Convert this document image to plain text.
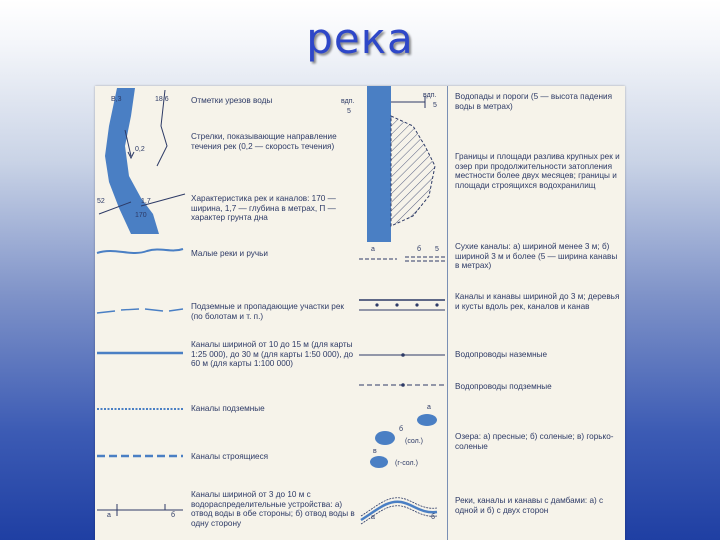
река
В,3	18,6
0,2
52	1,7
170
Отметки урезов воды
Стрелки, показывающие направление течения рек (0,2 — скорость течения)
Характеристика рек и каналов: 170 — ширина, 1,7 — глубина в метрах, П — характер грунта дна
Малые реки и ручьи
Подземные и пропадающие участки рек (по болотам и т. п.)
Каналы шириной от 10 до 15 м (для карты 1:25 000), до 30 м (для карты 1:50 000), до 60 м (для карты 1:100 000)
Каналы подземные
Каналы строящиеся
а	б
Каналы шириной от 3 до 10 м с водораспределительные устройства: а) отвод воды в обе стороны; б) отвод воды в одну сторону
вдп.
5
вдп.
5
Водопады и пороги (5 — высота падения воды в метрах)
Границы и площади разлива крупных рек и озер при продолжительности затопления местности более двух месяцев; границы и площади строящихся водохранилищ
а	б 5 Сухие каналы: а) шириной менее 3 м; б) шириной 3 м и более (5 — ширина канавы в метрах)
Каналы и канавы шириной до 3 м; деревья и кусты вдоль рек, каналов и канав
Водопроводы наземные
Водопроводы подземные
а
б
(сол.)
в
(г-сол.)
Озера: а) пресные; б) соленые; в) горько-соленые
а	б
Реки, каналы и канавы с дамбами: а) с одной и б) с двух сторон
